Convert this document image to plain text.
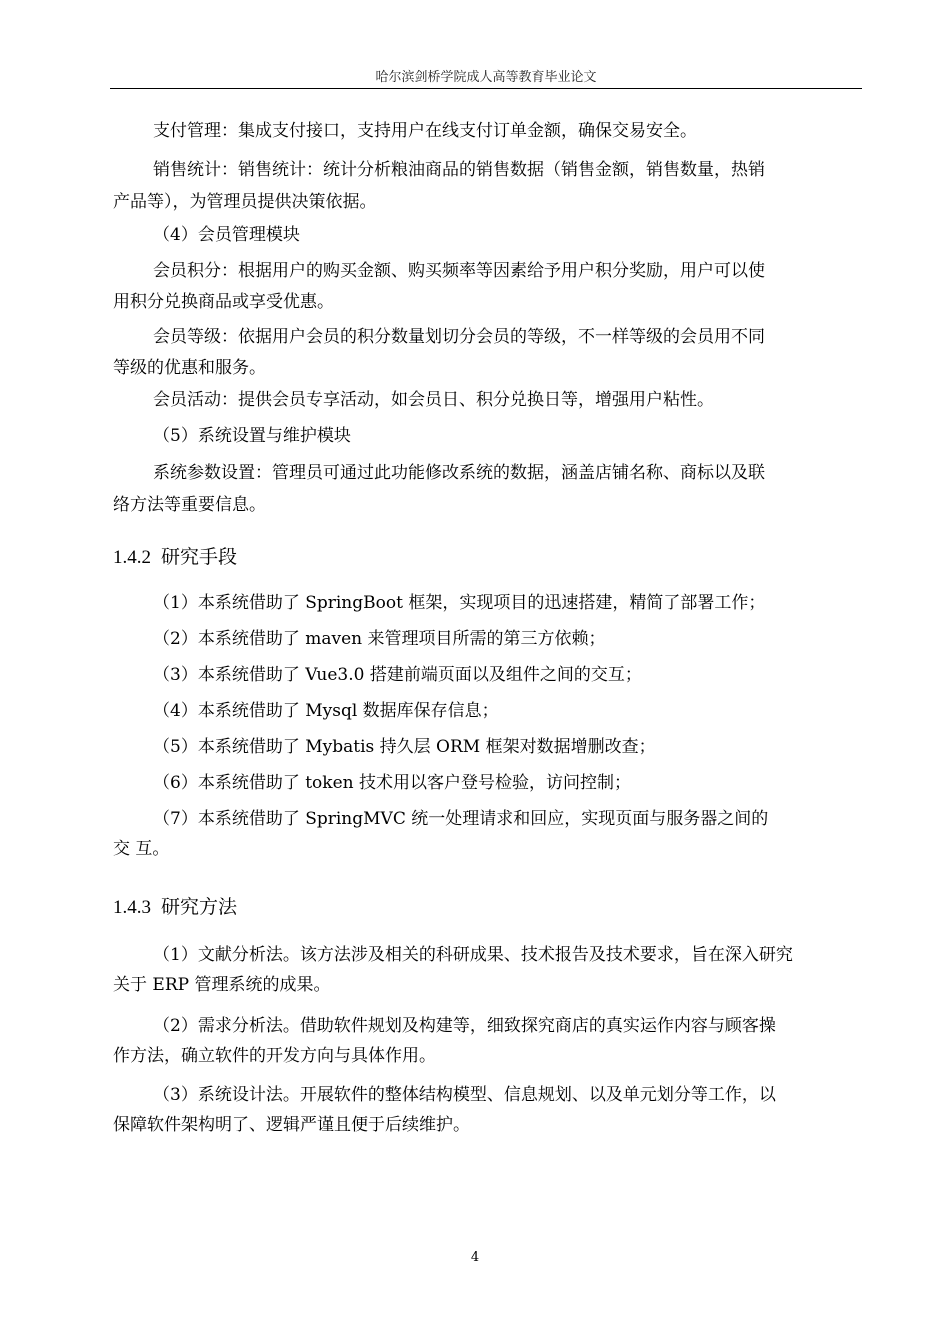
哈尔滨剑桥学院成人高等教育毕业论文
支付管理：集成支付接口，支持用户在线支付订单金额，确保交易安全。
销售统计：销售统计：统计分析粮油商品的销售数据（销售金额，销售数量，热销
产品等），为管理员提供决策依据。
（4）会员管理模块
会员积分：根据用户的购买金额、购买频率等因素给予用户积分奖励，用户可以使
用积分兑换商品或享受优惠。
会员等级：依据用户会员的积分数量划切分会员的等级，不一样等级的会员用不同
等级的优惠和服务。
会员活动：提供会员专享活动，如会员日、积分兑换日等，增强用户粘性。
（5）系统设置与维护模块
系统参数设置：管理员可通过此功能修改系统的数据，涵盖店铺名称、商标以及联
络方法等重要信息。
1.4.2 研究手段
（1）本系统借助了 SpringBoot 框架，实现项目的迅速搭建，精简了部署工作；
（2）本系统借助了 maven 来管理项目所需的第三方依赖；
（3）本系统借助了 Vue3.0 搭建前端页面以及组件之间的交互；
（4）本系统借助了 Mysql 数据库保存信息；
（5）本系统借助了 Mybatis 持久层 ORM 框架对数据增删改查；
（6）本系统借助了 token 技术用以客户登号检验，访问控制；
（7）本系统借助了 SpringMVC 统一处理请求和回应，实现页面与服务器之间的
交 互。
1.4.3 研究方法
（1）文献分析法。该方法涉及相关的科研成果、技术报告及技术要求，旨在深入研究
关于 ERP 管理系统的成果。
（2）需求分析法。借助软件规划及构建等，细致探究商店的真实运作内容与顾客操
作方法，确立软件的开发方向与具体作用。
（3）系统设计法。开展软件的整体结构模型、信息规划、以及单元划分等工作，以
保障软件架构明了、逻辑严谨且便于后续维护。
4
